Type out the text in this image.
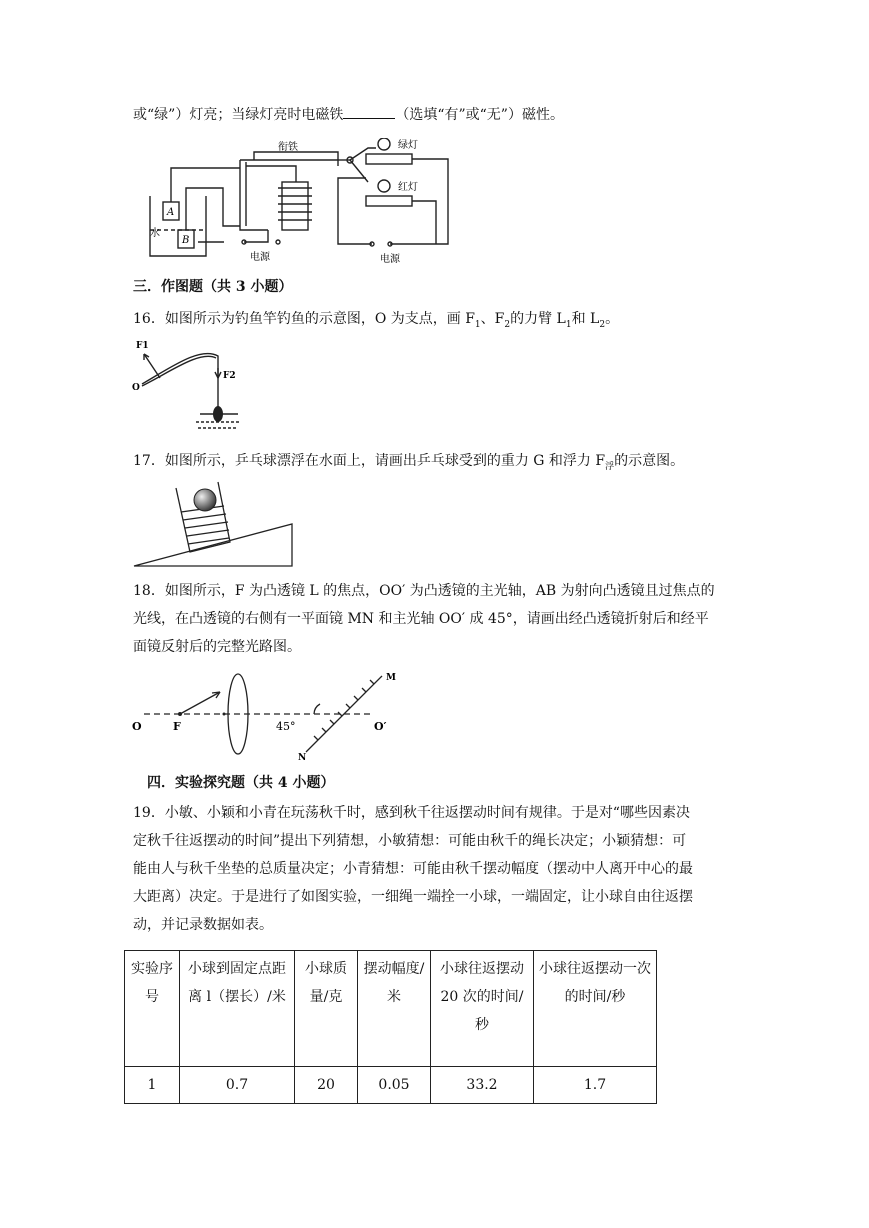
或“绿”）灯亮；当绿灯亮时电磁铁	（选填“有”或“无”）磁性。
水
A
B
衔铁	绿灯
红灯
电源	电源
三．作图题（共 3 小题）
16．如图所示为钓鱼竿钓鱼的示意图，O 为支点，画 $F_1$、$F_2$的力臂 $L_1$和 $L_2$。
F1
F2
O
17．如图所示，乒乓球漂浮在水面上，请画出乒乓球受到的重力 G 和浮力 $F_浮$的示意图。
18．如图所示，F 为凸透镜 L 的焦点，OO′ 为凸透镜的主光轴，AB 为射向凸透镜且过焦点的
光线，在凸透镜的右侧有一平面镜 MN 和主光轴 OO′ 成 45°，请画出经凸透镜折射后和经平
面镜反射后的完整光路图。
O	F	45°	O′
M
N
四．实验探究题（共 4 小题）
19．小敏、小颖和小青在玩荡秋千时，感到秋千往返摆动时间有规律。于是对“哪些因素决
定秋千往返摆动的时间”提出下列猜想，小敏猜想：可能由秋千的绳长决定；小颖猜想：可
能由人与秋千坐垫的总质量决定；小青猜想：可能由秋千摆动幅度（摆动中人离开中心的最
大距离）决定。于是进行了如图实验，一细绳一端拴一小球，一端固定，让小球自由往返摆
动，并记录数据如表。
实验序号	小球到固定点距离 l（摆长）/米	小球质量/克	摆动幅度/米	小球往返摆动 20 次的时间/秒	小球往返摆动一次的时间/秒
1	0.7	20	0.05	33.2	1.7
